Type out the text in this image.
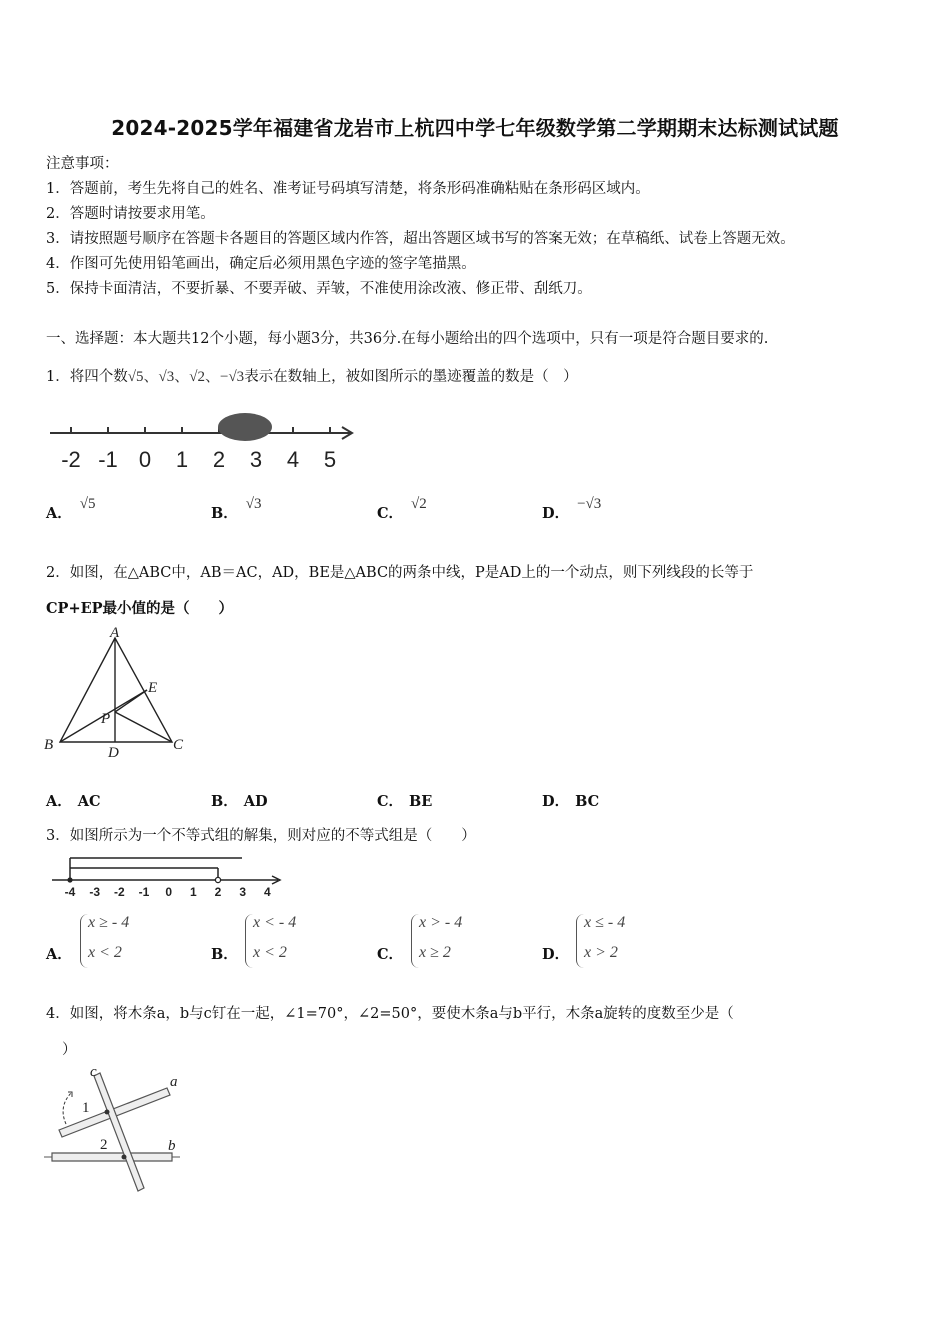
2024-2025学年福建省龙岩市上杭四中学七年级数学第二学期期末达标测试试题
注意事项：
1．答题前，考生先将自己的姓名、准考证号码填写清楚，将条形码准确粘贴在条形码区域内。
2．答题时请按要求用笔。
3．请按照题号顺序在答题卡各题目的答题区域内作答，超出答题区域书写的答案无效；在草稿纸、试卷上答题无效。
4．作图可先使用铅笔画出，确定后必须用黑色字迹的签字笔描黑。
5．保持卡面清洁，不要折暴、不要弄破、弄皱，不准使用涂改液、修正带、刮纸刀。
一、选择题：本大题共12个小题，每小题3分，共36分.在每小题给出的四个选项中，只有一项是符合题目要求的.
1．将四个数√5、√3、√2、−√3表示在数轴上，被如图所示的墨迹覆盖的数是（　）
-2 -1 0 1 2 3 4 5
A．√5
B．√3
C．√2
D．−√3
2．如图，在△ABC中，AB＝AC，AD，BE是△ABC的两条中线，P是AD上的一个动点，则下列线段的长等于
CP+EP最小值的是（　　）
A
B	C
D
E
P
A． AC	B． AD	C． BE	D． BC
3．如图所示为一个不等式组的解集，则对应的不等式组是（　　）
-4 -3 -2 -1 0 1 2 3 4
A．
x ≥ - 4
x < 2	B．
x < - 4
x < 2	C．
x > - 4
x ≥ 2	D．
x ≤ - 4
x > 2
4．如图，将木条a，b与c钉在一起，∠1=70°，∠2=50°，要使木条a与b平行，木条a旋转的度数至少是（
）
a
b
c
1
2
